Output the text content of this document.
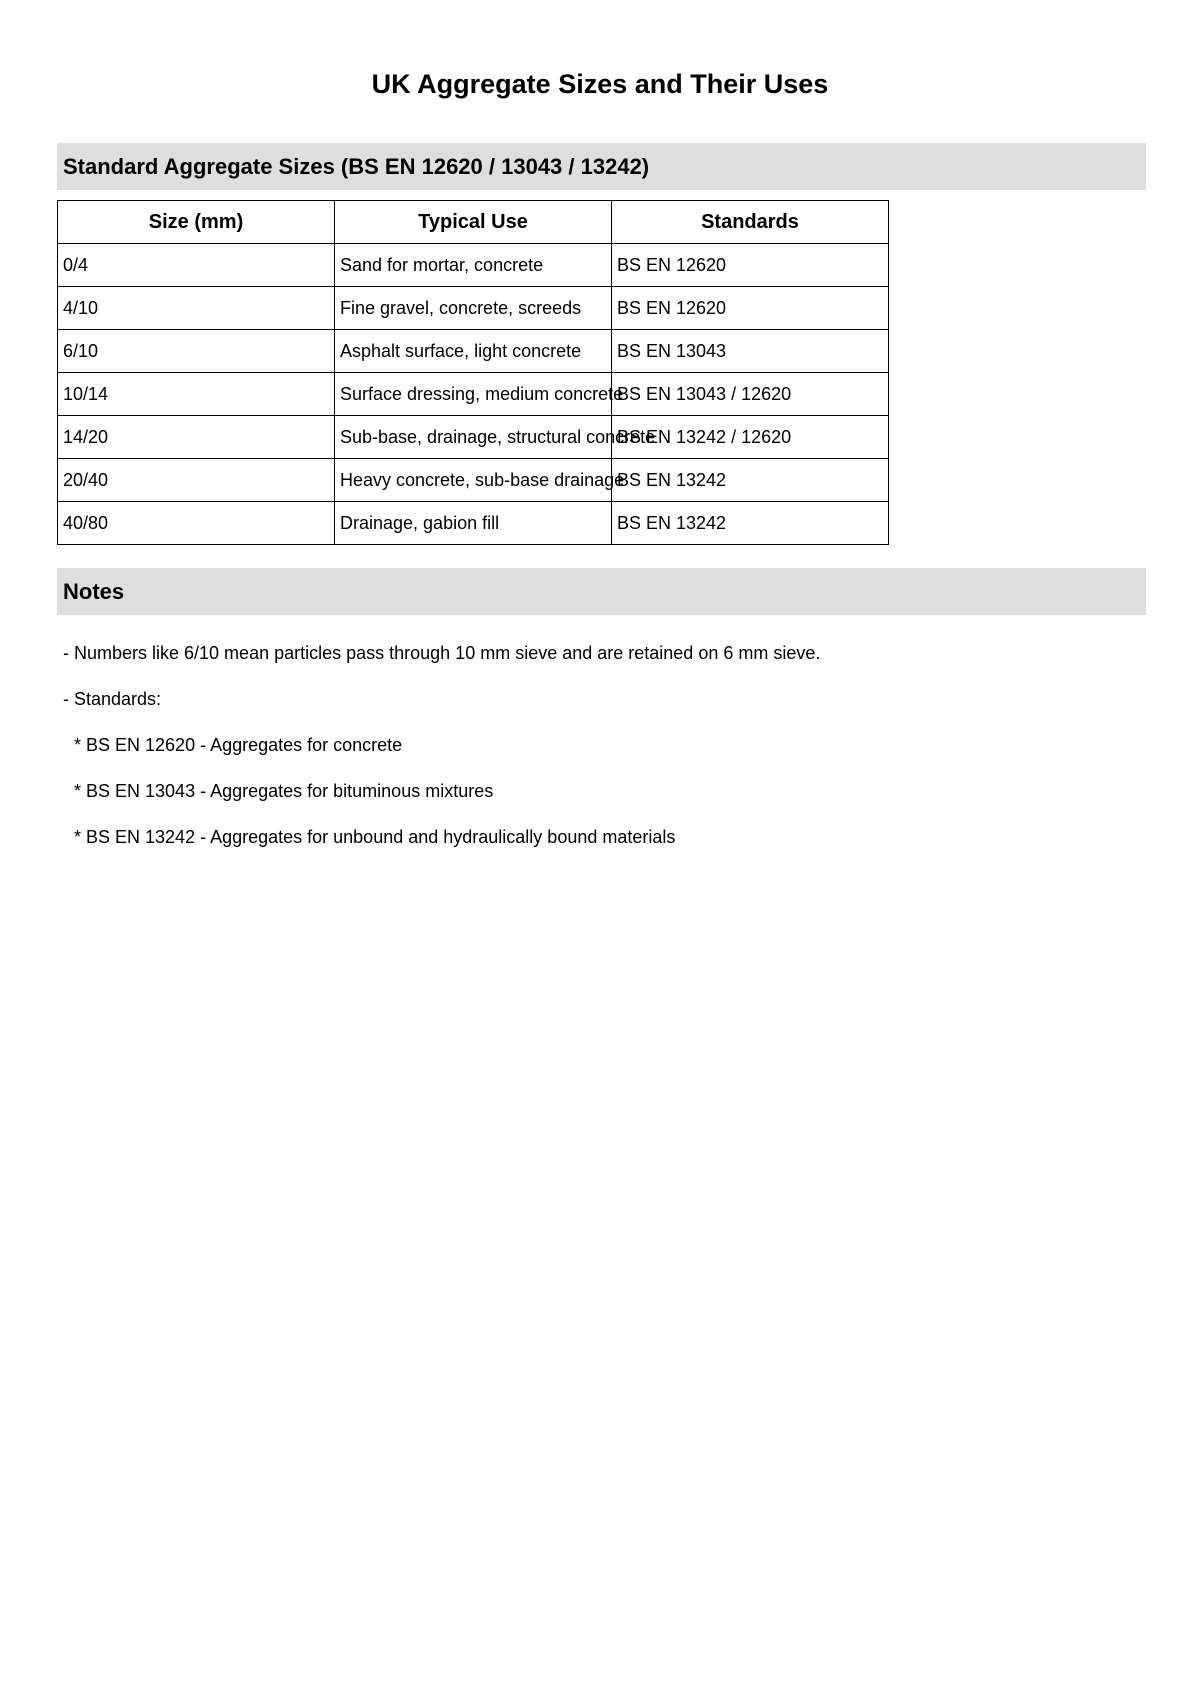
UK Aggregate Sizes and Their Uses
Standard Aggregate Sizes (BS EN 12620 / 13043 / 13242)
Size (mm)	Typical Use	Standards
0/4	Sand for mortar, concrete	BS EN 12620
4/10	Fine gravel, concrete, screeds	BS EN 12620
6/10	Asphalt surface, light concrete	BS EN 13043
10/14	Surface dressing, medium concrete	BS EN 13043 / 12620
14/20	Sub-base, drainage, structural concrete	BS EN 13242 / 12620
20/40	Heavy concrete, sub-base drainage	BS EN 13242
40/80	Drainage, gabion fill	BS EN 13242
Notes

- Numbers like 6/10 mean particles pass through 10 mm sieve and are retained on 6 mm sieve.

- Standards:

* BS EN 12620 - Aggregates for concrete

* BS EN 13043 - Aggregates for bituminous mixtures

* BS EN 13242 - Aggregates for unbound and hydraulically bound materials
